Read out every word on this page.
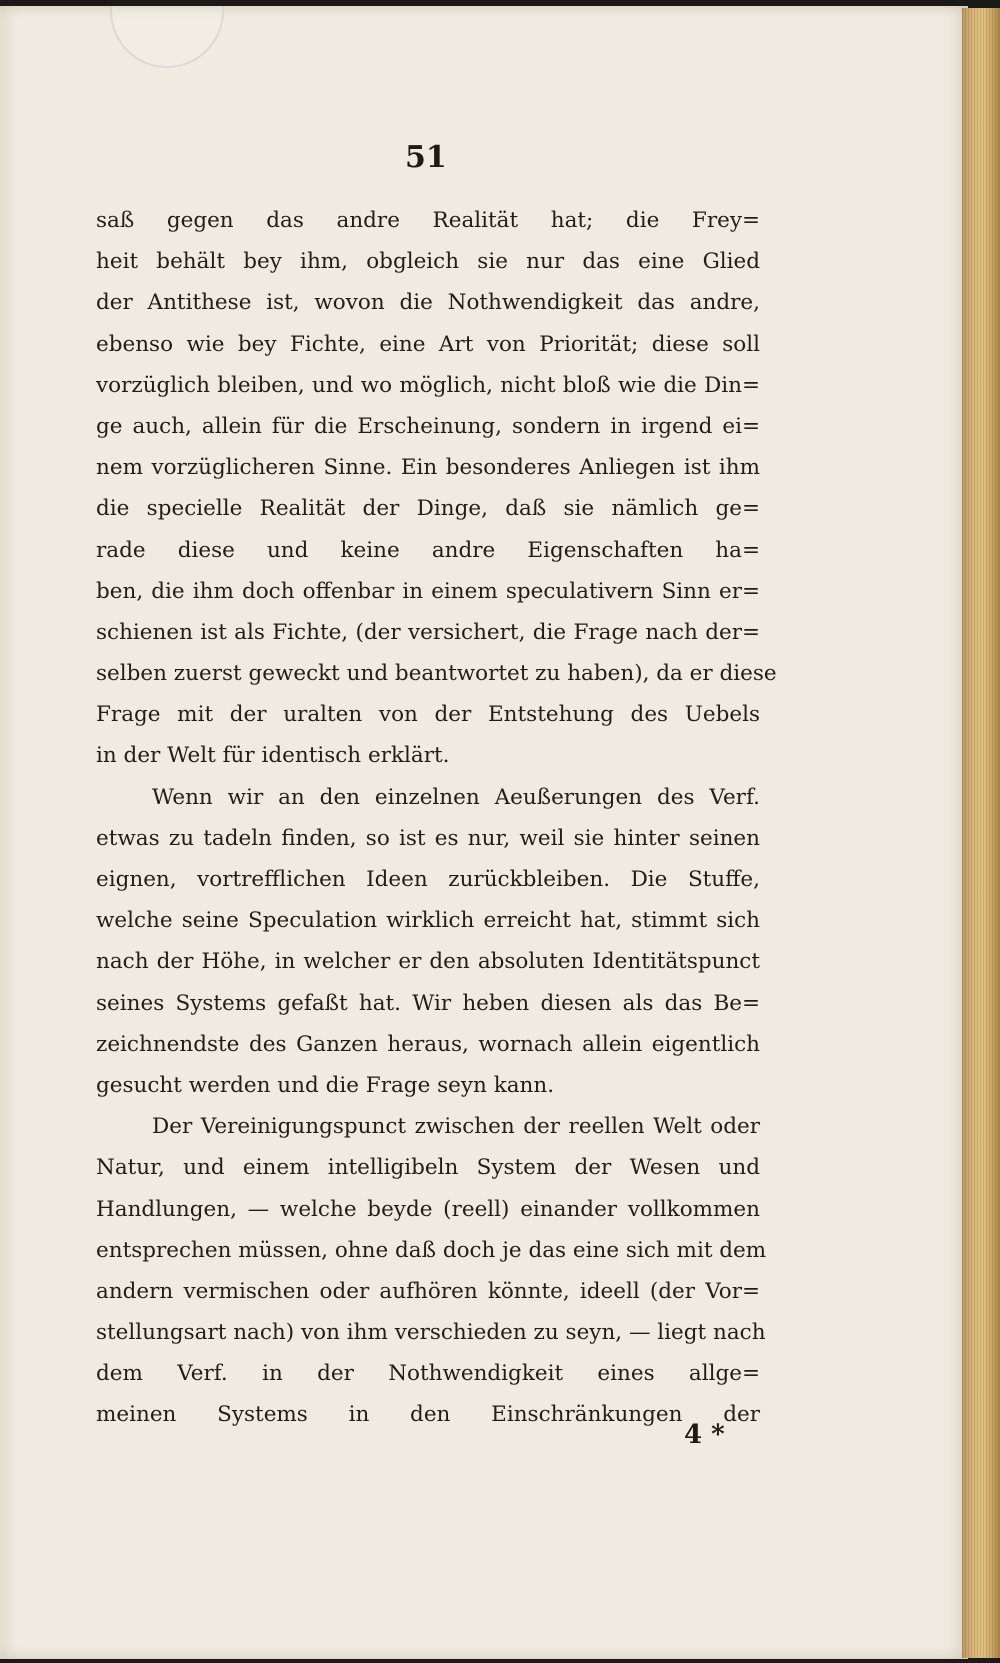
51
saß gegen das andre Realität hat; die Frey=
heit behält bey ihm, obgleich sie nur das eine Glied
der Antithese ist, wovon die Nothwendigkeit das andre,
ebenso wie bey Fichte, eine Art von Priorität; diese soll
vorzüglich bleiben, und wo möglich, nicht bloß wie die Din=
ge auch, allein für die Erscheinung, sondern in irgend ei=
nem vorzüglicheren Sinne. Ein besonderes Anliegen ist ihm
die specielle Realität der Dinge, daß sie nämlich ge=
rade diese und keine andre Eigenschaften ha=
ben, die ihm doch offenbar in einem speculativern Sinn er=
schienen ist als Fichte, (der versichert, die Frage nach der=
selben zuerst geweckt und beantwortet zu haben), da er diese
Frage mit der uralten von der Entstehung des Uebels
in der Welt für identisch erklärt.
Wenn wir an den einzelnen Aeußerungen des Verf.
etwas zu tadeln finden, so ist es nur, weil sie hinter seinen
eignen, vortrefflichen Ideen zurückbleiben. Die Stuffe,
welche seine Speculation wirklich erreicht hat, stimmt sich
nach der Höhe, in welcher er den absoluten Identitätspunct
seines Systems gefaßt hat. Wir heben diesen als das Be=
zeichnendste des Ganzen heraus, wornach allein eigentlich
gesucht werden und die Frage seyn kann.
Der Vereinigungspunct zwischen der reellen Welt oder
Natur, und einem intelligibeln System der Wesen und
Handlungen, — welche beyde (reell) einander vollkommen
entsprechen müssen, ohne daß doch je das eine sich mit dem
andern vermischen oder aufhören könnte, ideell (der Vor=
stellungsart nach) von ihm verschieden zu seyn, — liegt nach
dem Verf. in der Nothwendigkeit eines allge=
meinen Systems in den Einschränkungen der
4 *
